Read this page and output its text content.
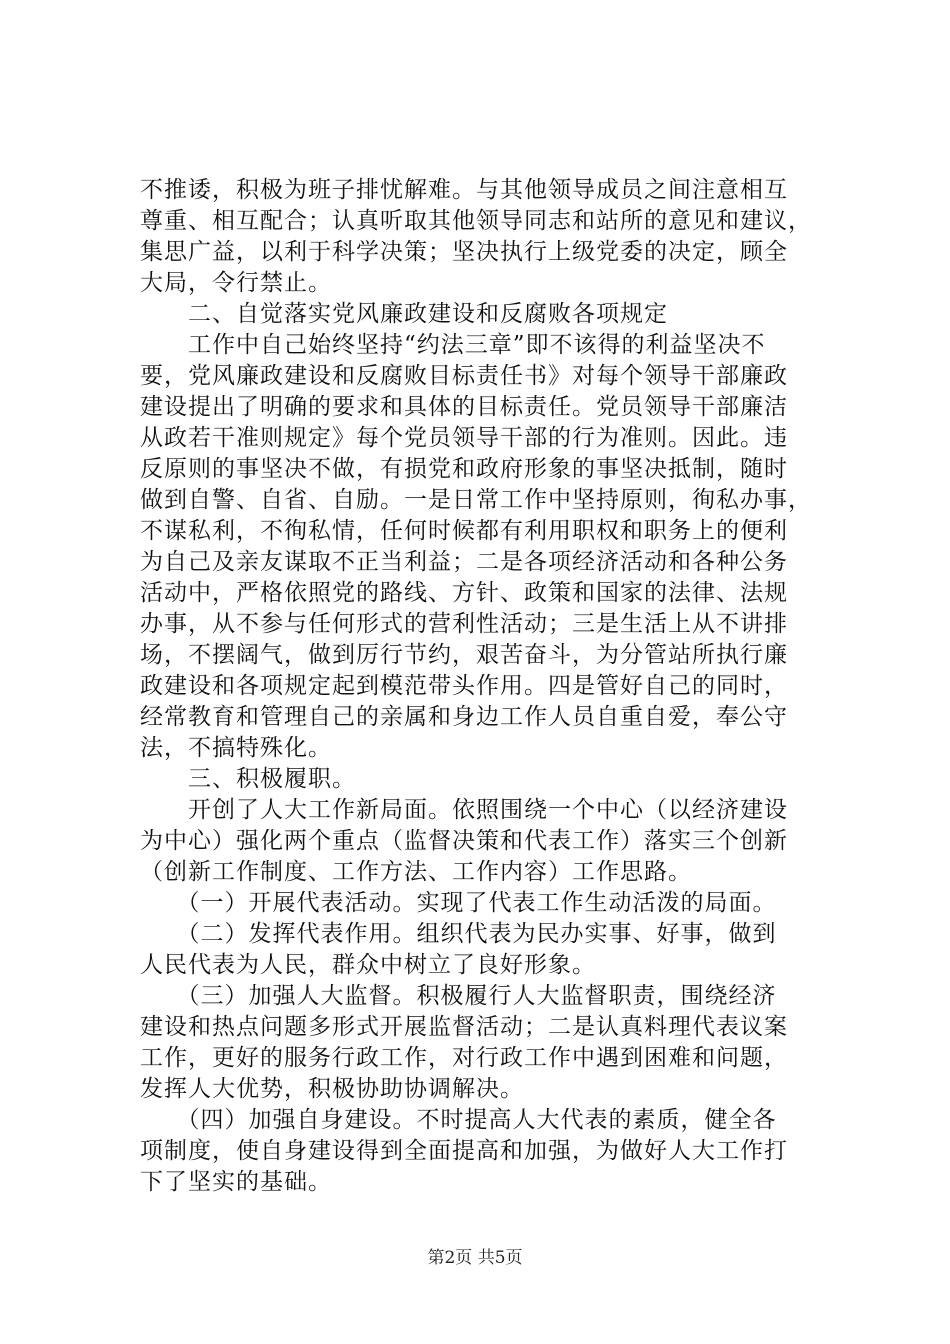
不推诿，积极为班子排忧解难。与其他领导成员之间注意相互
尊重、相互配合；认真听取其他领导同志和站所的意见和建议，
集思广益，以利于科学决策；坚决执行上级党委的决定，顾全
大局，令行禁止。
　　二、自觉落实党风廉政建设和反腐败各项规定
　　工作中自己始终坚持“约法三章”即不该得的利益坚决不
要，党风廉政建设和反腐败目标责任书》对每个领导干部廉政
建设提出了明确的要求和具体的目标责任。党员领导干部廉洁
从政若干准则规定》每个党员领导干部的行为准则。因此。违
反原则的事坚决不做，有损党和政府形象的事坚决抵制，随时
做到自警、自省、自励。一是日常工作中坚持原则，徇私办事，
不谋私利，不徇私情，任何时候都有利用职权和职务上的便利
为自己及亲友谋取不正当利益；二是各项经济活动和各种公务
活动中，严格依照党的路线、方针、政策和国家的法律、法规
办事，从不参与任何形式的营利性活动；三是生活上从不讲排
场，不摆阔气，做到厉行节约，艰苦奋斗，为分管站所执行廉
政建设和各项规定起到模范带头作用。四是管好自己的同时，
经常教育和管理自己的亲属和身边工作人员自重自爱，奉公守
法，不搞特殊化。
　　三、积极履职。
　　开创了人大工作新局面。依照围绕一个中心（以经济建设
为中心）强化两个重点（监督决策和代表工作）落实三个创新
（创新工作制度、工作方法、工作内容）工作思路。
　　（一）开展代表活动。实现了代表工作生动活泼的局面。
　　（二）发挥代表作用。组织代表为民办实事、好事，做到
人民代表为人民，群众中树立了良好形象。
　　（三）加强人大监督。积极履行人大监督职责，围绕经济
建设和热点问题多形式开展监督活动；二是认真料理代表议案
工作，更好的服务行政工作，对行政工作中遇到困难和问题，
发挥人大优势，积极协助协调解决。
　　（四）加强自身建设。不时提高人大代表的素质，健全各
项制度，使自身建设得到全面提高和加强，为做好人大工作打
下了坚实的基础。
第2页 共5页
